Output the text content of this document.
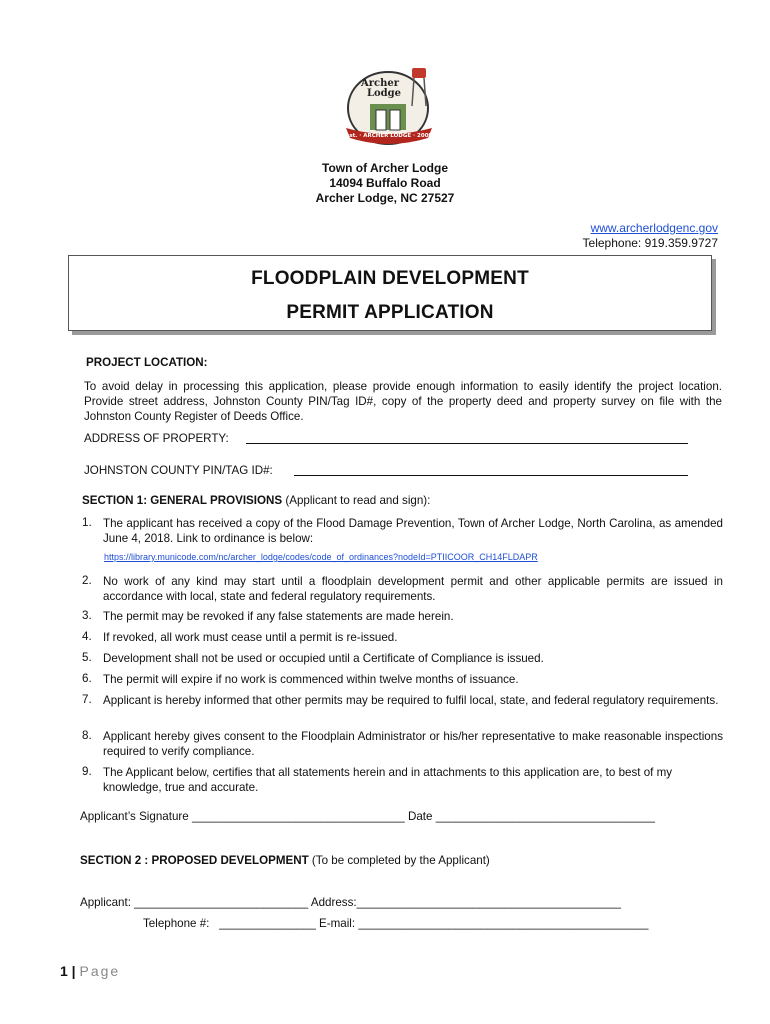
Archer
Lodge
est. · ARCHER LODGE · 2009
Town of Archer Lodge
14094 Buffalo Road
Archer Lodge, NC 27527
www.archerlodgenc.gov
Telephone: 919.359.9727
FLOODPLAIN DEVELOPMENT
PERMIT APPLICATION
PROJECT LOCATION:
To avoid delay in processing this application, please provide enough information to easily identify the project location. Provide street address, Johnston County PIN/Tag ID#, copy of the property deed and property survey on file with the Johnston County Register of Deeds Office.
ADDRESS OF PROPERTY:
JOHNSTON COUNTY PIN/TAG ID#:
SECTION 1: GENERAL PROVISIONS (Applicant to read and sign):
1. The applicant has received a copy of the Flood Damage Prevention, Town of Archer Lodge, North Carolina, as amended June 4, 2018. Link to ordinance is below:
https://library.municode.com/nc/archer_lodge/codes/code_of_ordinances?nodeId=PTIICOOR_CH14FLDAPR
2. No work of any kind may start until a floodplain development permit and other applicable permits are issued in accordance with local, state and federal regulatory requirements.
3. The permit may be revoked if any false statements are made herein.
4. If revoked, all work must cease until a permit is re-issued.
5. Development shall not be used or occupied until a Certificate of Compliance is issued.
6. The permit will expire if no work is commenced within twelve months of issuance.
7. Applicant is hereby informed that other permits may be required to fulfil local, state, and federal regulatory requirements.
8. Applicant hereby gives consent to the Floodplain Administrator or his/her representative to make reasonable inspections required to verify compliance.
9. The Applicant below, certifies that all statements herein and in attachments to this application are, to best of my knowledge, true and accurate.
Applicant’s Signature _________________________________ Date __________________________________
SECTION 2 : PROPOSED DEVELOPMENT (To be completed by the Applicant)
Applicant: ___________________________ Address:_________________________________________
Telephone #: _______________ E-mail: _____________________________________________
1 | Page
